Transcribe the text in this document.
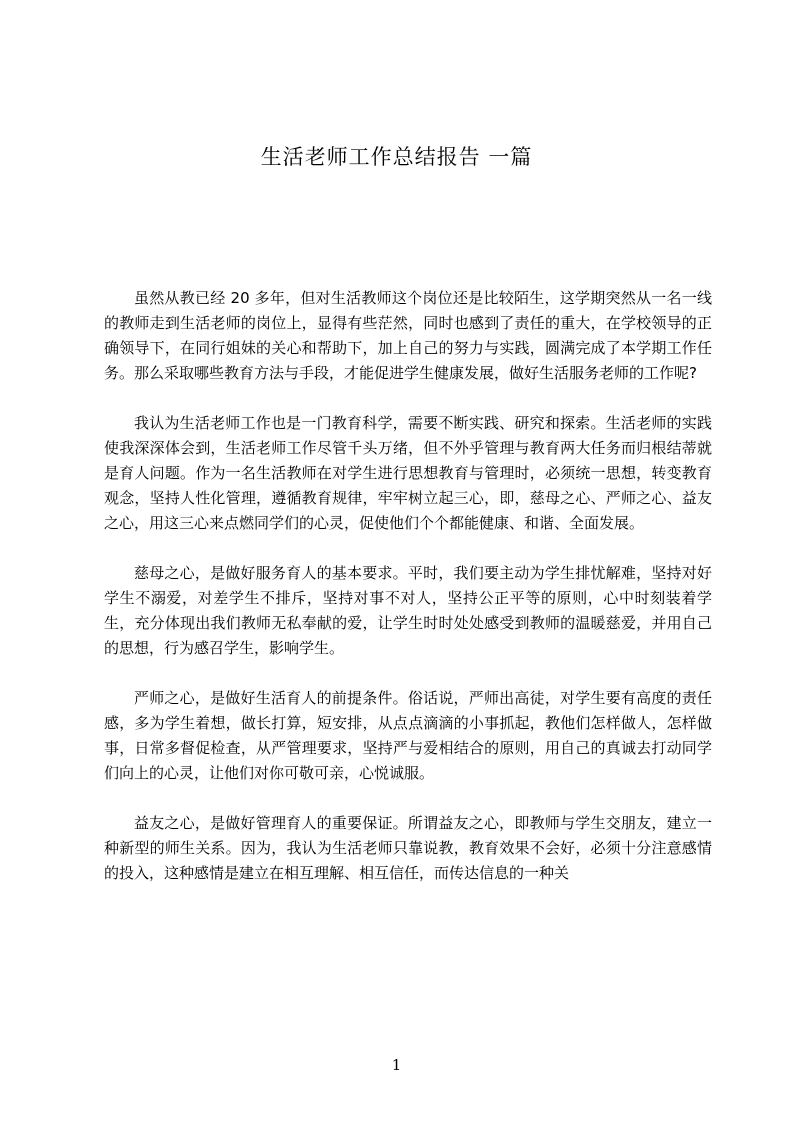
生活老师工作总结报告 一篇

虽然从教已经 20 多年，但对生活教师这个岗位还是比较陌生，这学期突然从一名一线的教师走到生活老师的岗位上，显得有些茫然，同时也感到了责任的重大，在学校领导的正确领导下，在同行姐妹的关心和帮助下，加上自己的努力与实践，圆满完成了本学期工作任务。那么采取哪些教育方法与手段，才能促进学生健康发展，做好生活服务老师的工作呢?

我认为生活老师工作也是一门教育科学，需要不断实践、研究和探索。生活老师的实践使我深深体会到，生活老师工作尽管千头万绪，但不外乎管理与教育两大任务而归根结蒂就是育人问题。作为一名生活教师在对学生进行思想教育与管理时，必须统一思想，转变教育观念，坚持人性化管理，遵循教育规律，牢牢树立起三心，即，慈母之心、严师之心、益友之心，用这三心来点燃同学们的心灵，促使他们个个都能健康、和谐、全面发展。

慈母之心，是做好服务育人的基本要求。平时，我们要主动为学生排忧解难，坚持对好学生不溺爱，对差学生不排斥，坚持对事不对人，坚持公正平等的原则，心中时刻装着学生，充分体现出我们教师无私奉献的爱，让学生时时处处感受到教师的温暖慈爱，并用自己的思想，行为感召学生，影响学生。

严师之心，是做好生活育人的前提条件。俗话说，严师出高徒，对学生要有高度的责任感，多为学生着想，做长打算，短安排，从点点滴滴的小事抓起，教他们怎样做人，怎样做事，日常多督促检查，从严管理要求，坚持严与爱相结合的原则，用自己的真诚去打动同学们向上的心灵，让他们对你可敬可亲，心悦诚服。

益友之心，是做好管理育人的重要保证。所谓益友之心，即教师与学生交朋友，建立一种新型的师生关系。因为，我认为生活老师只靠说教，教育效果不会好，必须十分注意感情的投入，这种感情是建立在相互理解、相互信任，而传达信息的一种关

1
